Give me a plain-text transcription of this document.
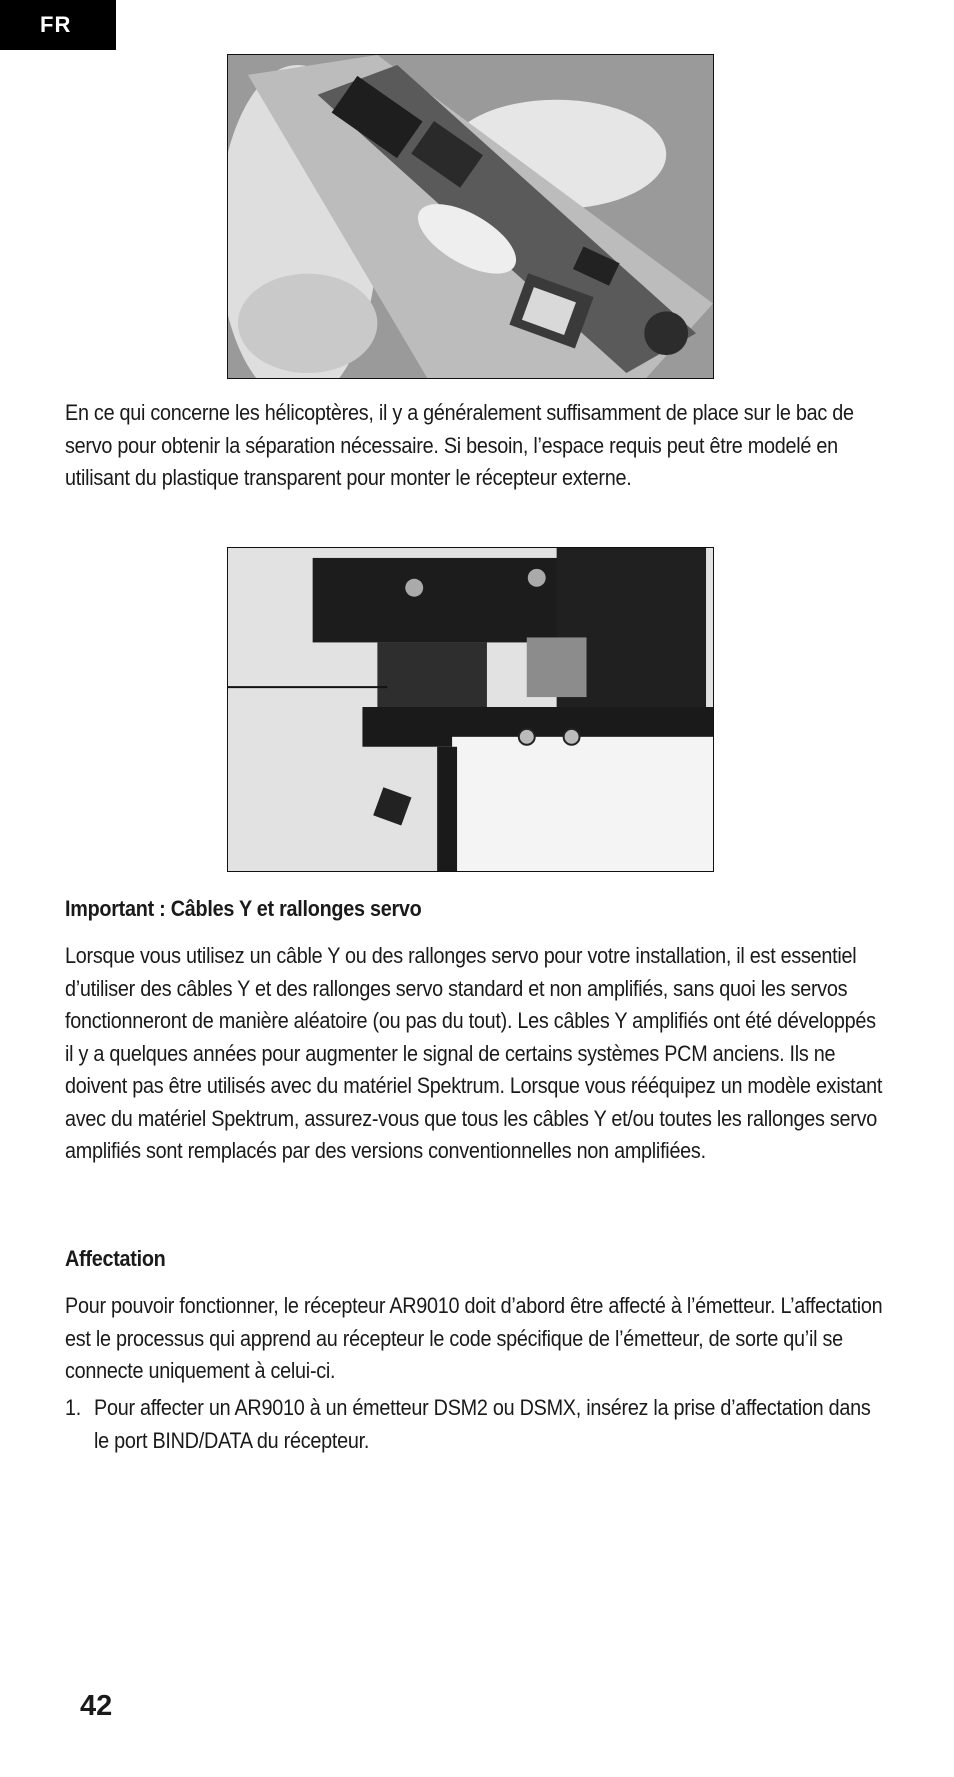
FR

En ce qui concerne les hélicoptères, il y a généralement suffisamment de place sur le bac de servo pour obtenir la séparation nécessaire. Si besoin, l’espace requis peut être modelé en utilisant du plastique transparent pour monter le récepteur externe.

Important : Câbles Y et rallonges servo

Lorsque vous utilisez un câble Y ou des rallonges servo pour votre installation, il est essentiel d’utiliser des câbles Y et des rallonges servo standard et non amplifiés, sans quoi les servos fonctionneront de manière aléatoire (ou pas du tout). Les câbles Y amplifiés ont été développés il y a quelques années pour augmenter le signal de certains systèmes PCM anciens. Ils ne doivent pas être utilisés avec du matériel Spektrum. Lorsque vous rééquipez un modèle existant avec du matériel Spektrum, assurez-vous que tous les câbles Y et/ou toutes les rallonges servo amplifiés sont remplacés par des versions conventionnelles non amplifiées.

Affectation

Pour pouvoir fonctionner, le récepteur AR9010 doit d’abord être affecté à l’émetteur. L’affectation est le processus qui apprend au récepteur le code spécifique de l’émetteur, de sorte qu’il se connecte uniquement à celui-ci.

1. Pour affecter un AR9010 à un émetteur DSM2 ou DSMX, insérez la prise d’affectation dans le port BIND/DATA du récepteur.
42
